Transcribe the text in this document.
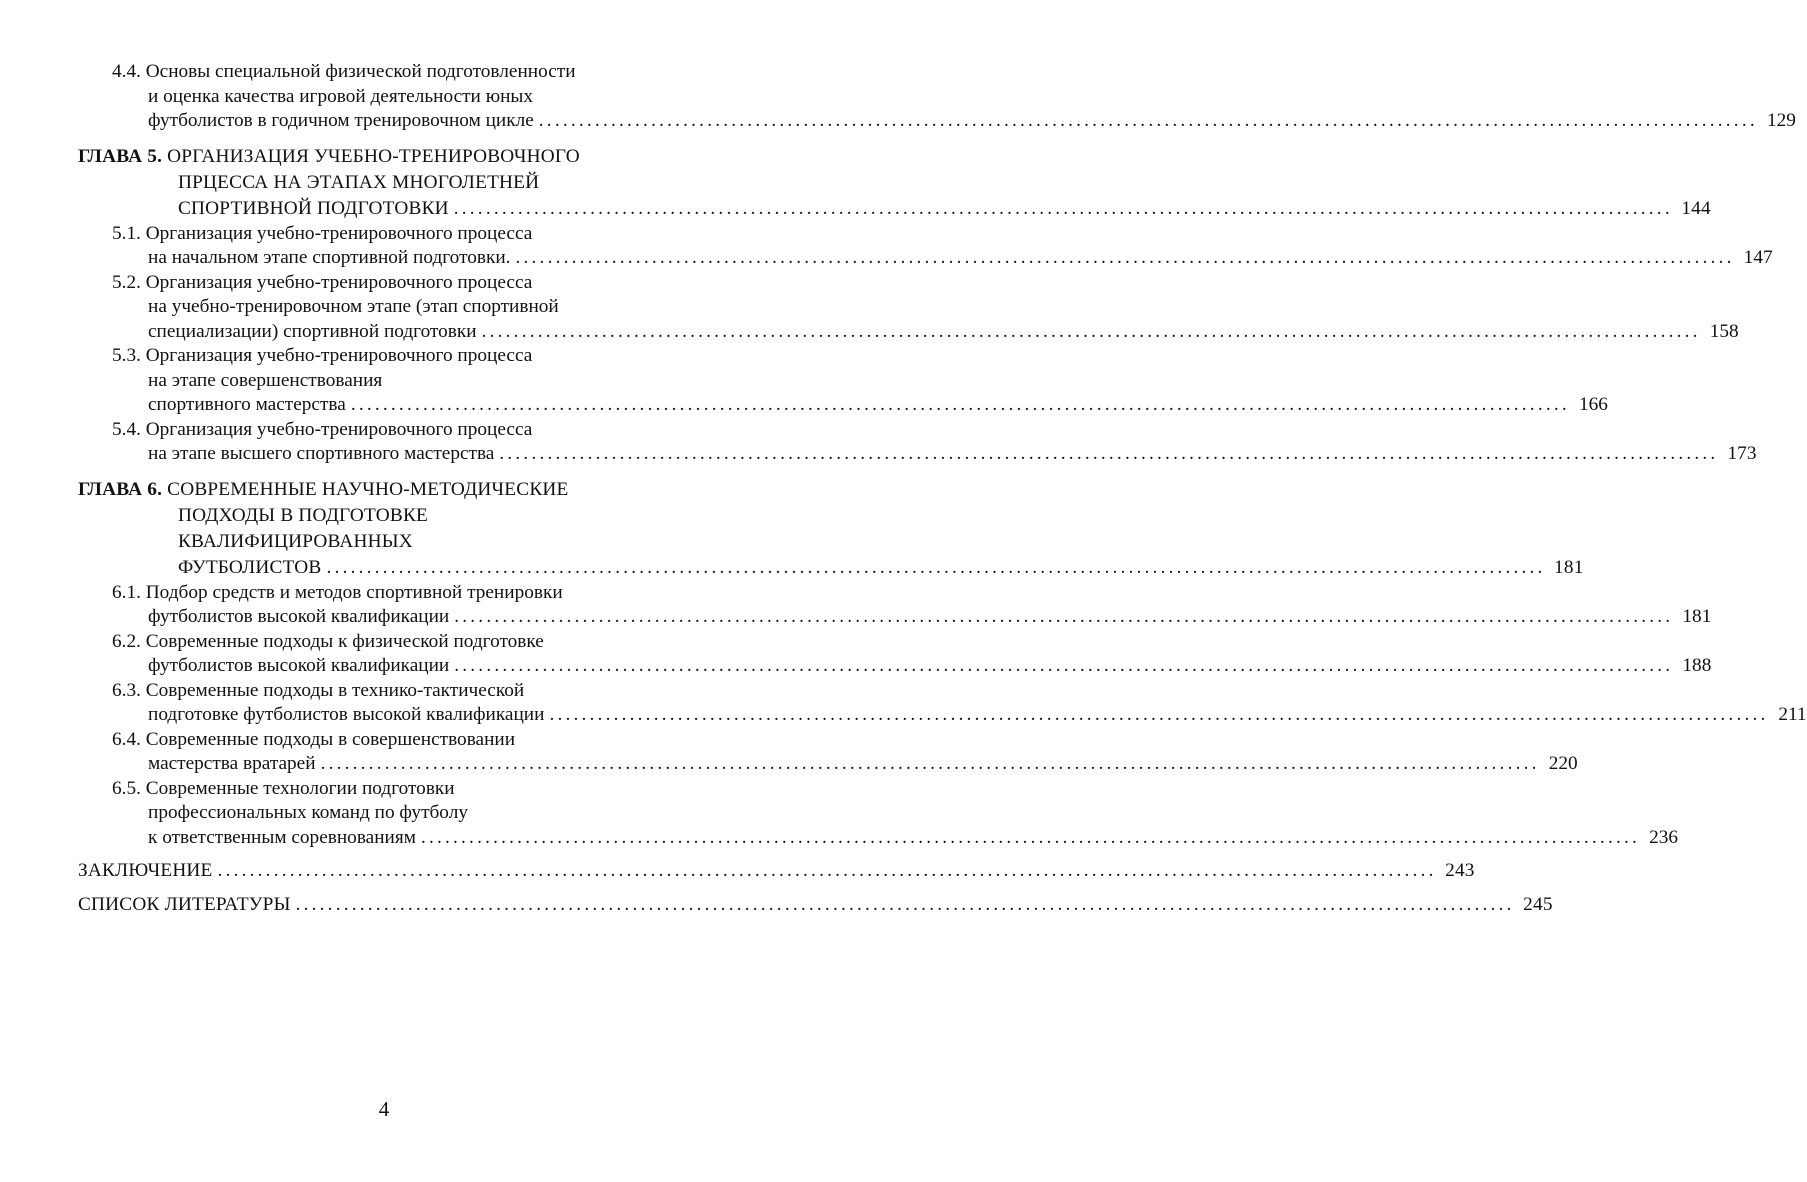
4.4. Основы специальной физической подготовленности
и оценка качества игровой деятельности юных
футболистов в годичном тренировочном цикле ........................................................................................................................................................ 129
ГЛАВА 5. ОРГАНИЗАЦИЯ УЧЕБНО-ТРЕНИРОВОЧНОГО
ПРЦЕССА НА ЭТАПАХ МНОГОЛЕТНЕЙ
СПОРТИВНОЙ ПОДГОТОВКИ ........................................................................................................................................................ 144
5.1. Организация учебно-тренировочного процесса
на начальном этапе спортивной подготовки. ........................................................................................................................................................ 147
5.2. Организация учебно-тренировочного процесса
на учебно-тренировочном этапе (этап спортивной
специализации) спортивной подготовки ........................................................................................................................................................ 158
5.3. Организация учебно-тренировочного процесса
на этапе совершенствования
спортивного мастерства ........................................................................................................................................................ 166
5.4. Организация учебно-тренировочного процесса
на этапе высшего спортивного мастерства ........................................................................................................................................................ 173
ГЛАВА 6. СОВРЕМЕННЫЕ НАУЧНО-МЕТОДИЧЕСКИЕ
ПОДХОДЫ В ПОДГОТОВКЕ
КВАЛИФИЦИРОВАННЫХ
ФУТБОЛИСТОВ ........................................................................................................................................................ 181
6.1. Подбор средств и методов спортивной тренировки
футболистов высокой квалификации ........................................................................................................................................................ 181
6.2. Современные подходы к физической подготовке
футболистов высокой квалификации ........................................................................................................................................................ 188
6.3. Современные подходы в технико-тактической
подготовке футболистов высокой квалификации ........................................................................................................................................................ 211
6.4. Современные подходы в совершенствовании
мастерства вратарей ........................................................................................................................................................ 220
6.5. Современные технологии подготовки
профессиональных команд по футболу
к ответственным соревнованиям ........................................................................................................................................................ 236
ЗАКЛЮЧЕНИЕ ........................................................................................................................................................ 243
СПИСОК ЛИТЕРАТУРЫ ........................................................................................................................................................ 245
4
